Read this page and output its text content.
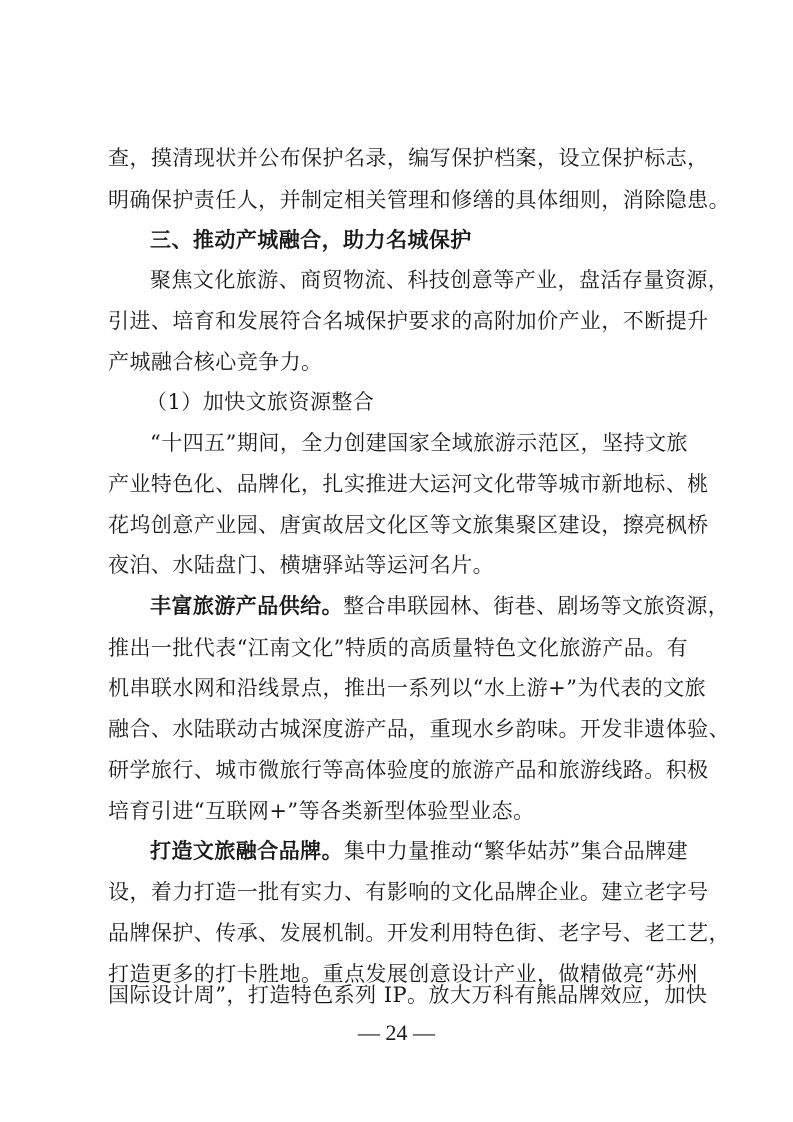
查，摸清现状并公布保护名录，编写保护档案，设立保护标志，
明确保护责任人，并制定相关管理和修缮的具体细则，消除隐患。
三、推动产城融合，助力名城保护
聚焦文化旅游、商贸物流、科技创意等产业，盘活存量资源，
引进、培育和发展符合名城保护要求的高附加价产业，不断提升
产城融合核心竞争力。
（1）加快文旅资源整合
“十四五”期间，全力创建国家全域旅游示范区，坚持文旅
产业特色化、品牌化，扎实推进大运河文化带等城市新地标、桃
花坞创意产业园、唐寅故居文化区等文旅集聚区建设，擦亮枫桥
夜泊、水陆盘门、横塘驿站等运河名片。
丰富旅游产品供给。 整合串联园林、街巷、剧场等文旅资源，
推出一批代表“江南文化”特质的高质量特色文化旅游产品。有
机串联水网和沿线景点，推出一系列以“水上游+”为代表的文旅
融合、水陆联动古城深度游产品，重现水乡韵味。开发非遗体验、
研学旅行、城市微旅行等高体验度的旅游产品和旅游线路。积极
培育引进“互联网+”等各类新型体验型业态。
打造文旅融合品牌。 集中力量推动“繁华姑苏”集合品牌建
设，着力打造一批有实力、有影响的文化品牌企业。建立老字号
品牌保护、传承、发展机制。开发利用特色街、老字号、老工艺，
打造更多的打卡胜地。重点发展创意设计产业，做精做亮“苏州
— 24 —
国际设计周”，打造特色系列 IP。放大万科有熊品牌效应，加快
